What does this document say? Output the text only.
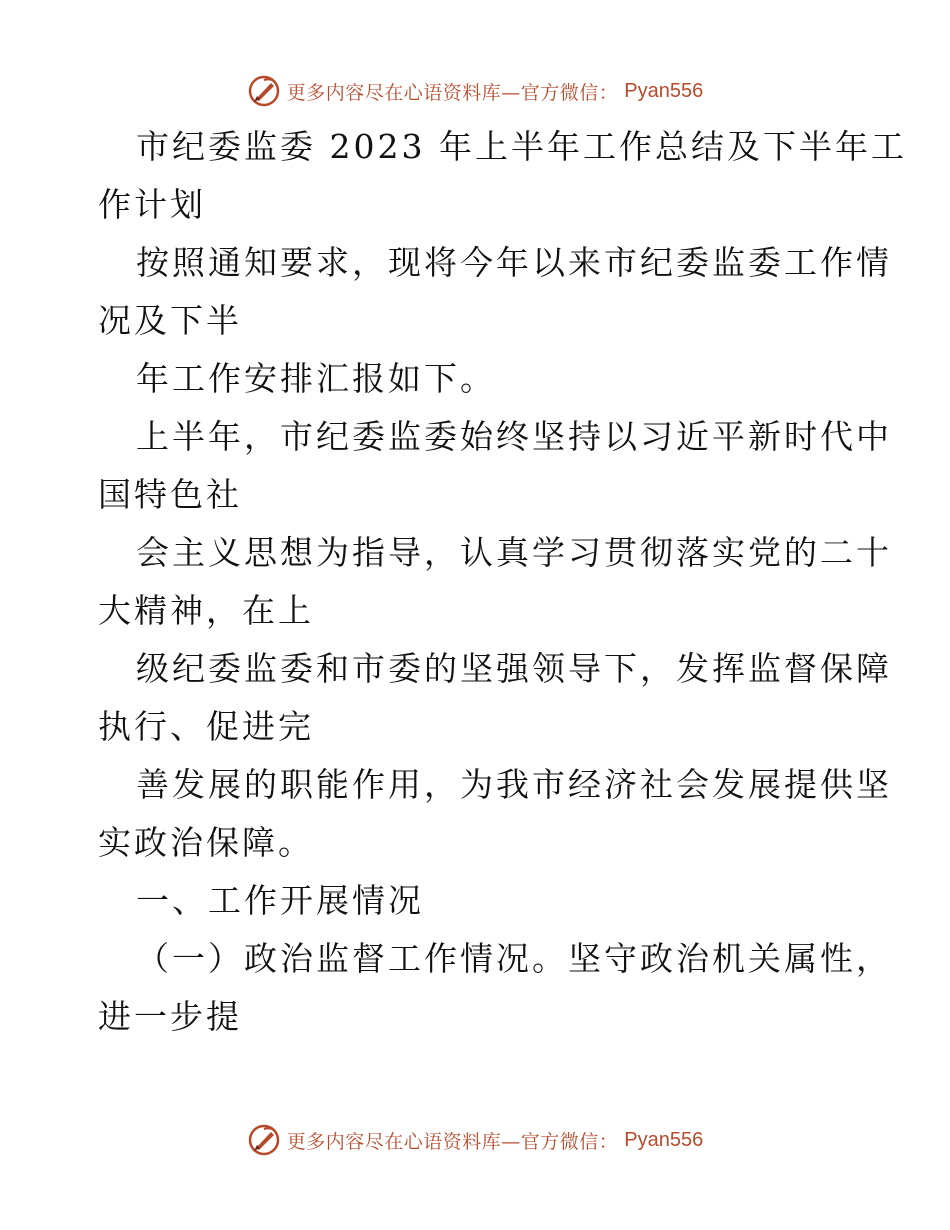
更多内容尽在心语资料库—官方微信： Pyan556
市纪委监委 2023 年上半年工作总结及下半年工
作计划
按照通知要求，现将今年以来市纪委监委工作情
况及下半
年工作安排汇报如下。
上半年，市纪委监委始终坚持以习近平新时代中
国特色社
会主义思想为指导，认真学习贯彻落实党的二十
大精神，在上
级纪委监委和市委的坚强领导下，发挥监督保障
执行、促进完
善发展的职能作用，为我市经济社会发展提供坚
实政治保障。
一、工作开展情况
（一）政治监督工作情况。坚守政治机关属性，
进一步提
更多内容尽在心语资料库—官方微信： Pyan556
